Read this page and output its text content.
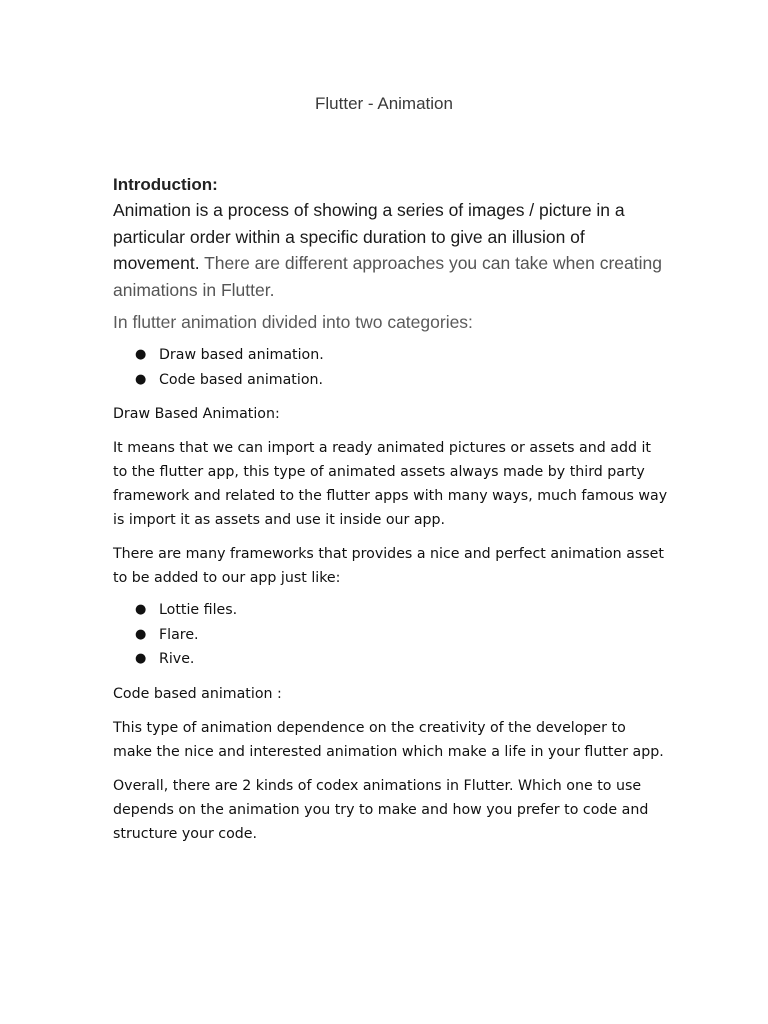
Flutter - Animation

Introduction:

Animation is a process of showing a series of images / picture in a particular order within a specific duration to give an illusion of movement. There are different approaches you can take when creating animations in Flutter.

In flutter animation divided into two categories:

● Draw based animation.
● Code based animation.

Draw Based Animation:

It means that we can import a ready animated pictures or assets and add it to the flutter app, this type of animated assets always made by third party framework and related to the flutter apps with many ways, much famous way is import it as assets and use it inside our app.

There are many frameworks that provides a nice and perfect animation asset to be added to our app just like:

● Lottie files.
● Flare.
● Rive.

Code based animation :

This type of animation dependence on the creativity of the developer to make the nice and interested animation which make a life in your flutter app.

Overall, there are 2 kinds of codex animations in Flutter. Which one to use depends on the animation you try to make and how you prefer to code and structure your code.
